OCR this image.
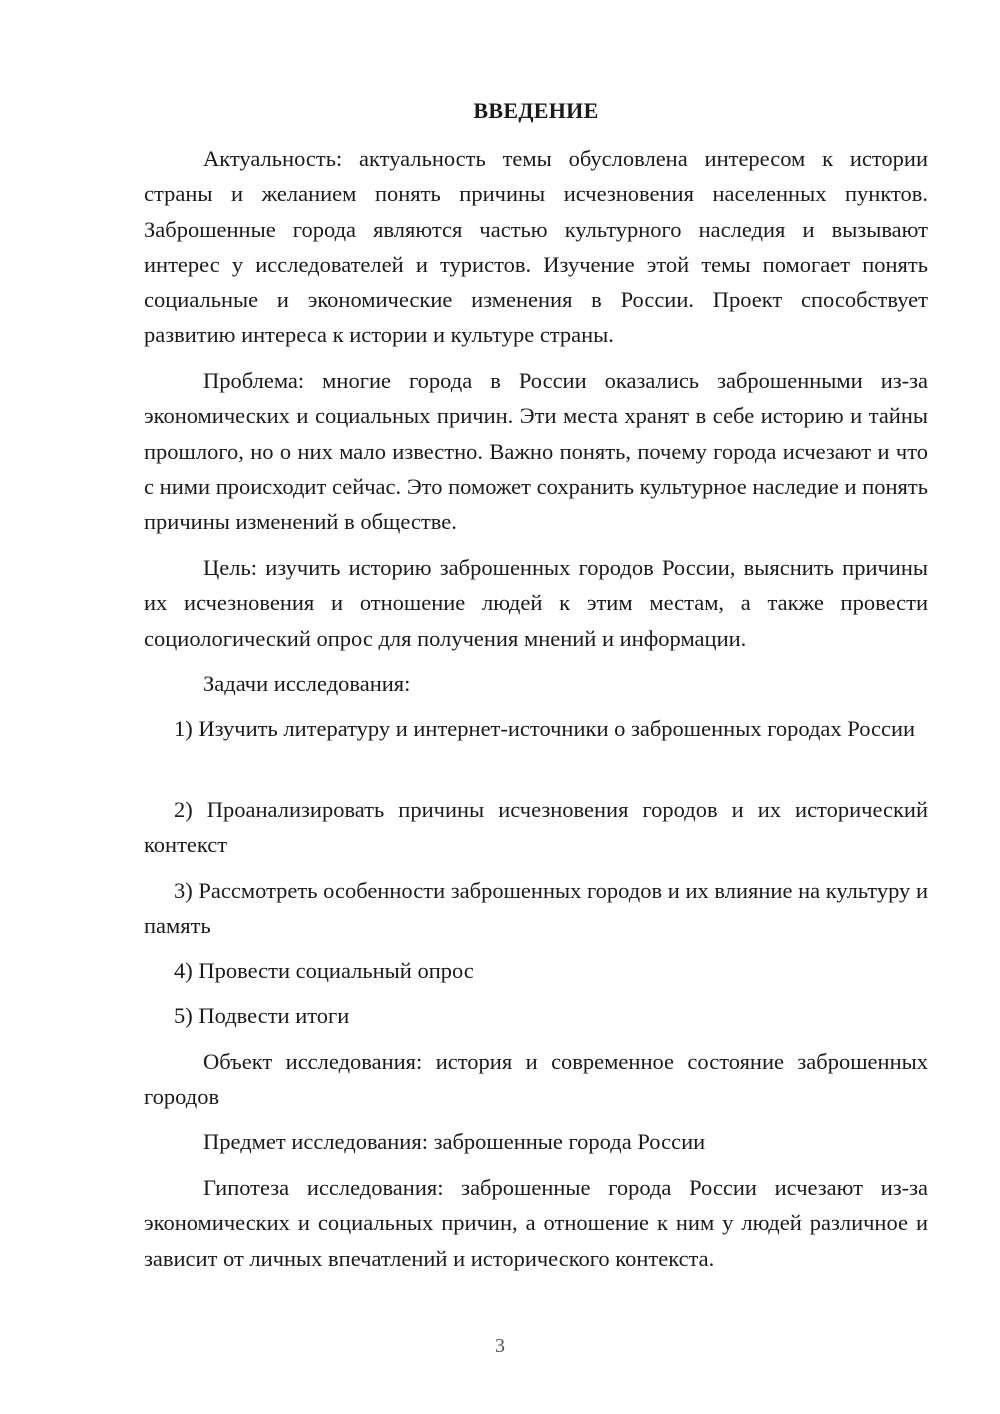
ВВЕДЕНИЕ

Актуальность: актуальность темы обусловлена интересом к истории страны и желанием понять причины исчезновения населенных пунктов. Заброшенные города являются частью культурного наследия и вызывают интерес у исследователей и туристов. Изучение этой темы помогает понять социальные и экономические изменения в России. Проект способствует развитию интереса к истории и культуре страны.

Проблема: многие города в России оказались заброшенными из-за экономических и социальных причин. Эти места хранят в себе историю и тайны прошлого, но о них мало известно. Важно понять, почему города исчезают и что с ними происходит сейчас. Это поможет сохранить культурное наследие и понять причины изменений в обществе.

Цель: изучить историю заброшенных городов России, выяснить причины их исчезновения и отношение людей к этим местам, а также провести социологический опрос для получения мнений и информации.

Задачи исследования:

1) Изучить литературу и интернет-источники о заброшенных городах России

2) Проанализировать причины исчезновения городов и их исторический контекст

3) Рассмотреть особенности заброшенных городов и их влияние на культуру и память

4) Провести социальный опрос

5) Подвести итоги

Объект исследования: история и современное состояние заброшенных городов

Предмет исследования: заброшенные города России

Гипотеза исследования: заброшенные города России исчезают из-за экономических и социальных причин, а отношение к ним у людей различное и зависит от личных впечатлений и исторического контекста.

3
